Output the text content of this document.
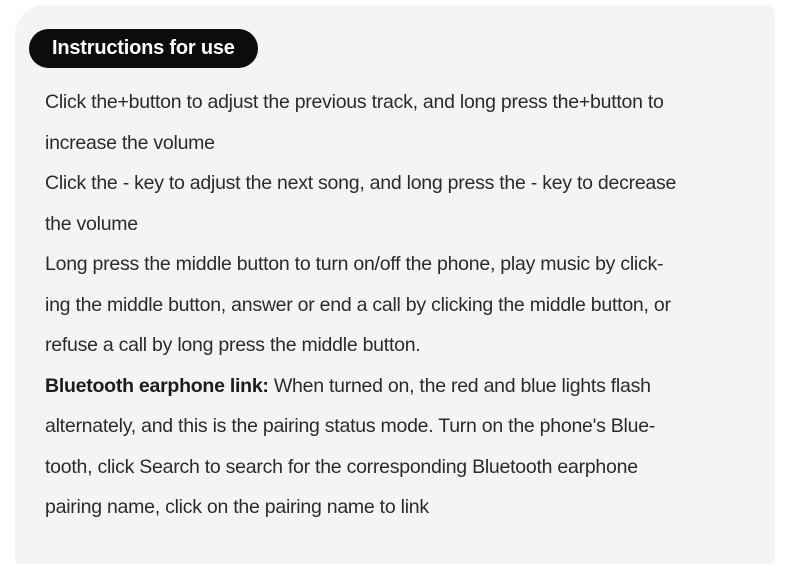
Instructions for use
Click the+button to adjust the previous track, and long press the+button to
increase the volume
Click the - key to adjust the next song, and long press the - key to decrease
the volume
Long press the middle button to turn on/off the phone, play music by click-
ing the middle button, answer or end a call by clicking the middle button, or
refuse a call by long press the middle button.
Bluetooth earphone link: When turned on, the red and blue lights flash
alternately, and this is the pairing status mode. Turn on the phone's Blue-
tooth, click Search to search for the corresponding Bluetooth earphone
pairing name, click on the pairing name to link
